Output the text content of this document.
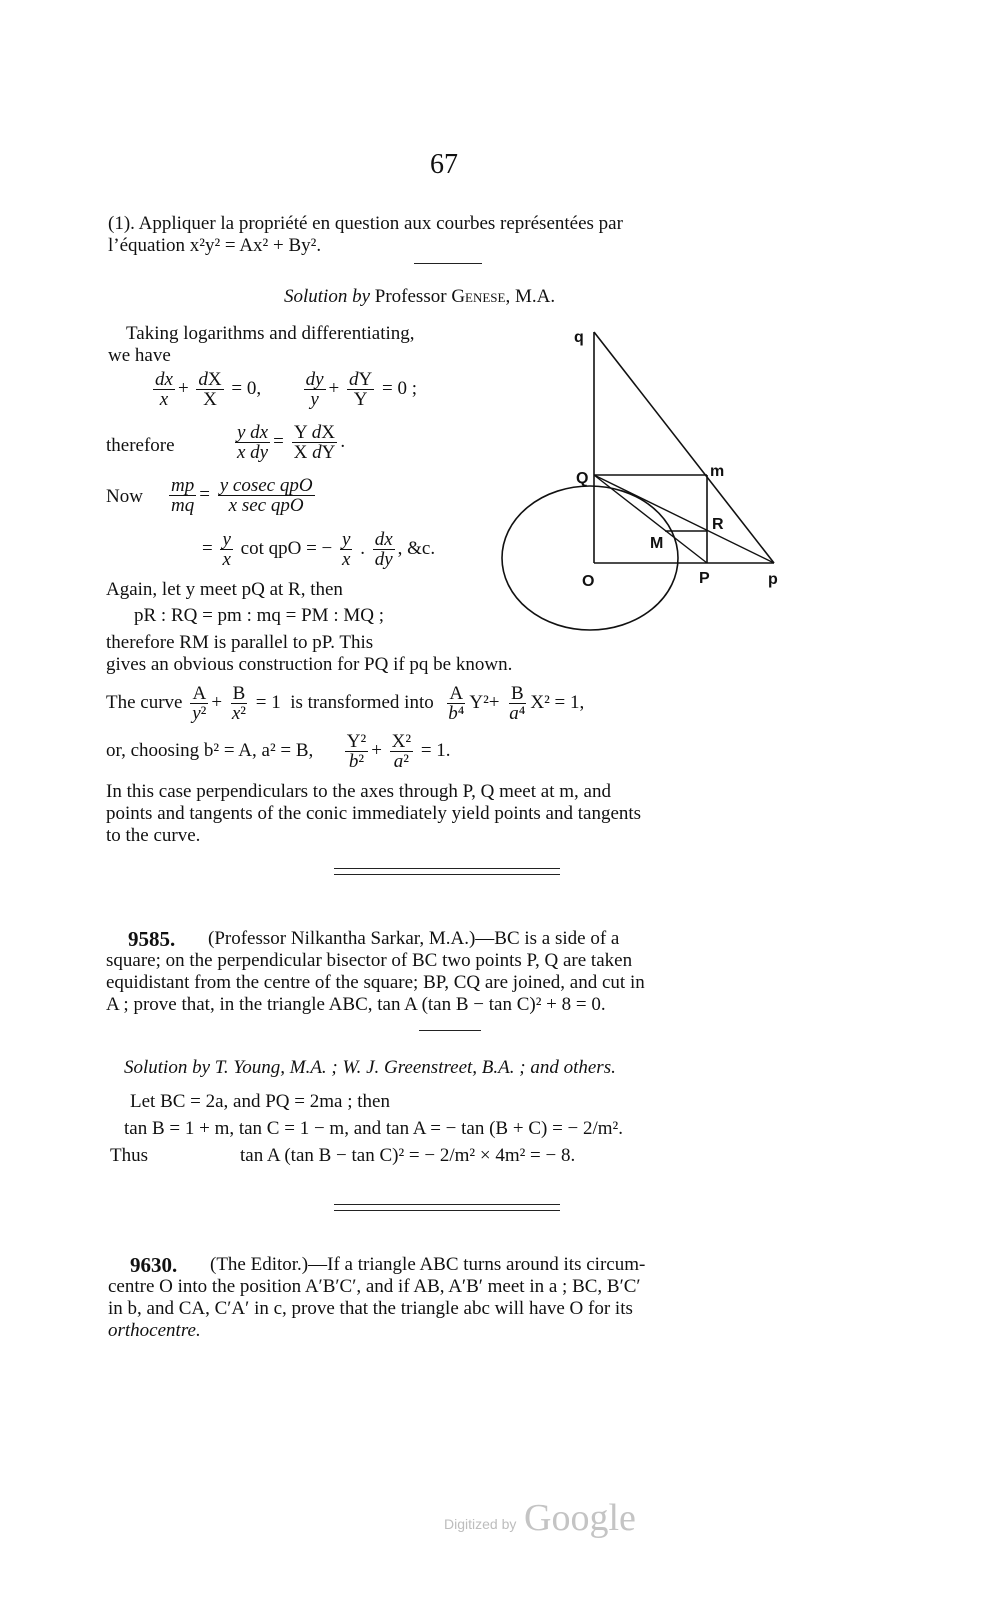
67
(1). Appliquer la propriété en question aux courbes représentées par
l’équation x²y² = Ax² + By².
Solution by Professor Genese, M.A.
Taking logarithms and differentiating,
we have
$\frac{dx}{x} + \frac{dX}{X} = 0$, $\frac{dy}{y} + \frac{dY}{Y} = 0$ ;
therefore	$\frac{\text{y dx}}{\text{x dy}} = \frac{\text{Y dX}}{\text{X dY}}$ .
Now $\frac{mp}{mq} = \frac{\text{y cosec qpO}}{\text{x sec qpO}}$
= $\frac{y}{x}$ cot qpO = − $\frac{y}{x}$ . $\frac{dx}{dy}$ , &c.
Again, let y meet pQ at R, then
pR : RQ = pm : mq = PM : MQ ;
therefore RM is parallel to pP. This
gives an obvious construction for PQ if pq be known.
The curve $\frac{A}{\text{y²}} + \frac{B}{\text{x²}} = 1$ is transformed into $\frac{A}{\text{b⁴}} Y^2+ \frac{B}{\text{a⁴}} X^2 = 1$,
or, choosing b² = A, a² = B, $\frac{\text{Y²}}{\text{b²}} + \frac{\text{X²}}{\text{a²}} = 1$.
In this case perpendiculars to the axes through P, Q meet at m, and
points and tangents of the conic immediately yield points and tangents
to the curve.
q
Q	m
R
M
O	P	p
9585. (Professor Nilkantha Sarkar, M.A.)—BC is a side of a
square; on the perpendicular bisector of BC two points P, Q are taken
equidistant from the centre of the square; BP, CQ are joined, and cut in
A ; prove that, in the triangle ABC, tan A (tan B − tan C)² + 8 = 0.
Solution by T. Young, M.A. ; W. J. Greenstreet, B.A. ; and others.
Let BC = 2a, and PQ = 2ma ; then
tan B = 1 + m, tan C = 1 − m, and tan A = − tan (B + C) = − 2/m².
Thus	tan A (tan B − tan C)² = − 2/m² × 4m² = − 8.
9630. (The Editor.)—If a triangle ABC turns around its circum-
centre O into the position A′B′C′, and if AB, A′B′ meet in a ; BC, B′C′
in b, and CA, C′A′ in c, prove that the triangle abc will have O for its
orthocentre.
Digitized by Google
